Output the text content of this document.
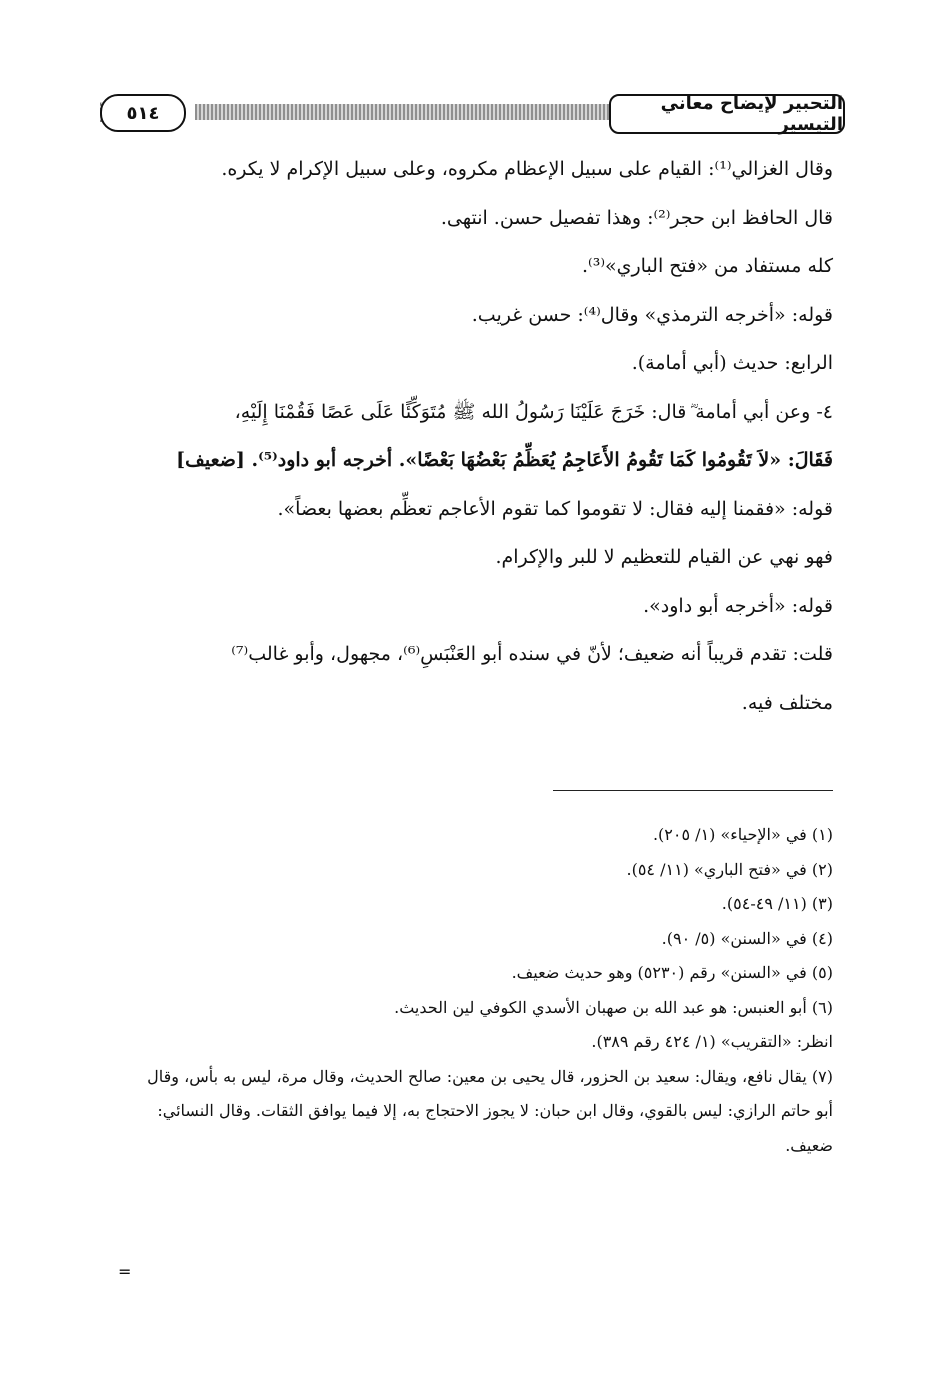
٥١٤	التحبير لإيضاح معاني التيسير

وقال الغزالي⁽¹⁾: القيام على سبيل الإعظام مكروه، وعلى سبيل الإكرام لا يكره.

قال الحافظ ابن حجر⁽²⁾: وهذا تفصيل حسن. انتهى.

كله مستفاد من «فتح الباري»⁽³⁾.

قوله: «أخرجه الترمذي» وقال⁽⁴⁾: حسن غريب.

الرابع: حديث (أبي أمامة).

٤- وعن أبي أمامة ؓ قال: خَرَجَ عَلَيْنَا رَسُولُ الله ﷺ مُتَوَكِّئًا عَلَى عَصًا فَقُمْنَا إِلَيْهِ،

فَقَالَ: «لاَ تَقُومُوا كَمَا تَقُومُ الأَعَاجِمُ يُعَظِّمُ بَعْضُهَا بَعْضًا». أخرجه أبو داود⁽⁵⁾. [ضعيف]

قوله: «فقمنا إليه فقال: لا تقوموا كما تقوم الأعاجم تعظِّم بعضها بعضاً».

فهو نهي عن القيام للتعظيم لا للبر والإكرام.

قوله: «أخرجه أبو داود».

قلت: تقدم قريباً أنه ضعيف؛ لأنّ في سنده أبو العَنْبَسِ⁽⁶⁾، مجهول، وأبو غالب⁽⁷⁾

مختلف فيه.

(١) في «الإحياء» (١/ ٢٠٥).

(٢) في «فتح الباري» (١١/ ٥٤).

(٣) (١١/ ٤٩-٥٤).

(٤) في «السنن» (٥/ ٩٠).

(٥) في «السنن» رقم (٥٢٣٠) وهو حديث ضعيف.

(٦) أبو العنبس: هو عبد الله بن صهبان الأسدي الكوفي لين الحديث.

انظر: «التقريب» (١/ ٤٢٤ رقم ٣٨٩).

(٧) يقال نافع، ويقال: سعيد بن الحزور، قال يحيى بن معين: صالح الحديث، وقال مرة، ليس به بأس، وقال

أبو حاتم الرازي: ليس بالقوي، وقال ابن حبان: لا يجوز الاحتجاج به، إلا فيما يوافق الثقات. وقال النسائي:

ضعيف.

=
